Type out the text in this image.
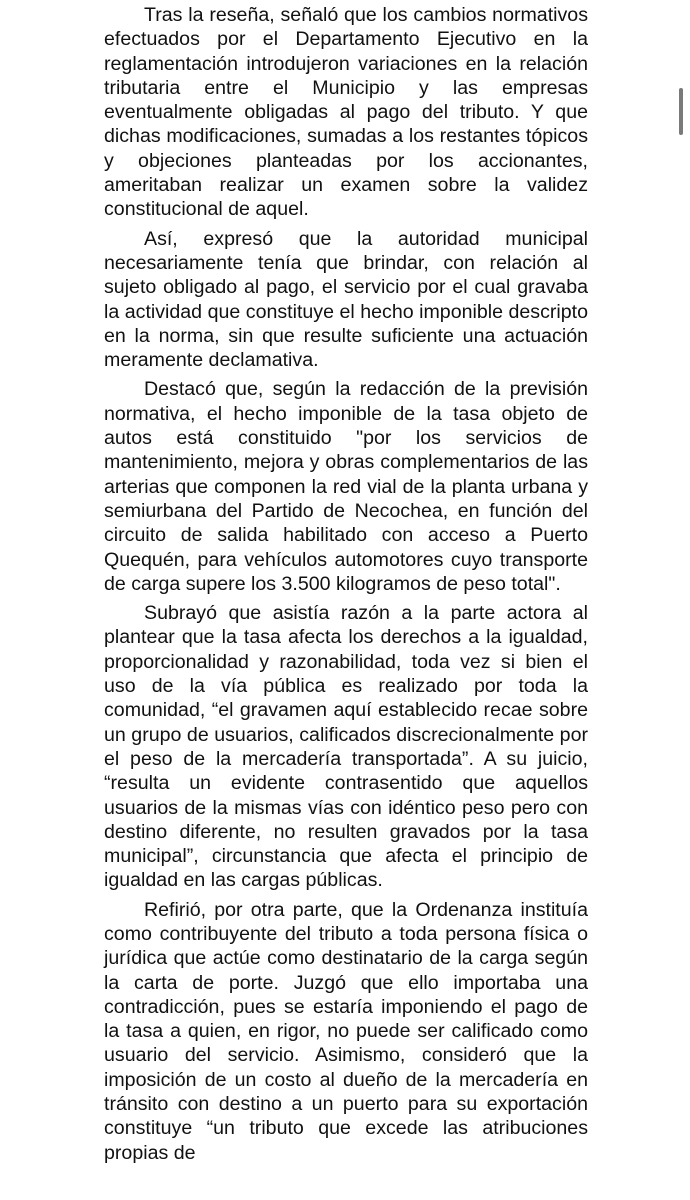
Tras la reseña, señaló que los cambios normativos efectuados por el Departamento Ejecutivo en la reglamentación introdujeron variaciones en la relación tributaria entre el Municipio y las empresas eventualmente obligadas al pago del tributo. Y que dichas modificaciones, sumadas a los restantes tópicos y objeciones planteadas por los accionantes, ameritaban realizar un examen sobre la validez constitucional de aquel.

Así, expresó que la autoridad municipal necesariamente tenía que brindar, con relación al sujeto obligado al pago, el servicio por el cual gravaba la actividad que constituye el hecho imponible descripto en la norma, sin que resulte suficiente una actuación meramente declamativa.

Destacó que, según la redacción de la previsión normativa, el hecho imponible de la tasa objeto de autos está constituido "por los servicios de mantenimiento, mejora y obras complementarios de las arterias que componen la red vial de la planta urbana y semiurbana del Partido de Necochea, en función del circuito de salida habilitado con acceso a Puerto Quequén, para vehículos automotores cuyo transporte de carga supere los 3.500 kilogramos de peso total".

Subrayó que asistía razón a la parte actora al plantear que la tasa afecta los derechos a la igualdad, proporcionalidad y razonabilidad, toda vez si bien el uso de la vía pública es realizado por toda la comunidad, “el gravamen aquí establecido recae sobre un grupo de usuarios, calificados discrecionalmente por el peso de la mercadería transportada”. A su juicio, “resulta un evidente contrasentido que aquellos usuarios de la mismas vías con idéntico peso pero con destino diferente, no resulten gravados por la tasa municipal”, circunstancia que afecta el principio de igualdad en las cargas públicas.

Refirió, por otra parte, que la Ordenanza instituía como contribuyente del tributo a toda persona física o jurídica que actúe como destinatario de la carga según la carta de porte. Juzgó que ello importaba una contradicción, pues se estaría imponiendo el pago de la tasa a quien, en rigor, no puede ser calificado como usuario del servicio. Asimismo, consideró que la imposición de un costo al dueño de la mercadería en tránsito con destino a un puerto para su exportación constituye “un tributo que excede las atribuciones propias de
